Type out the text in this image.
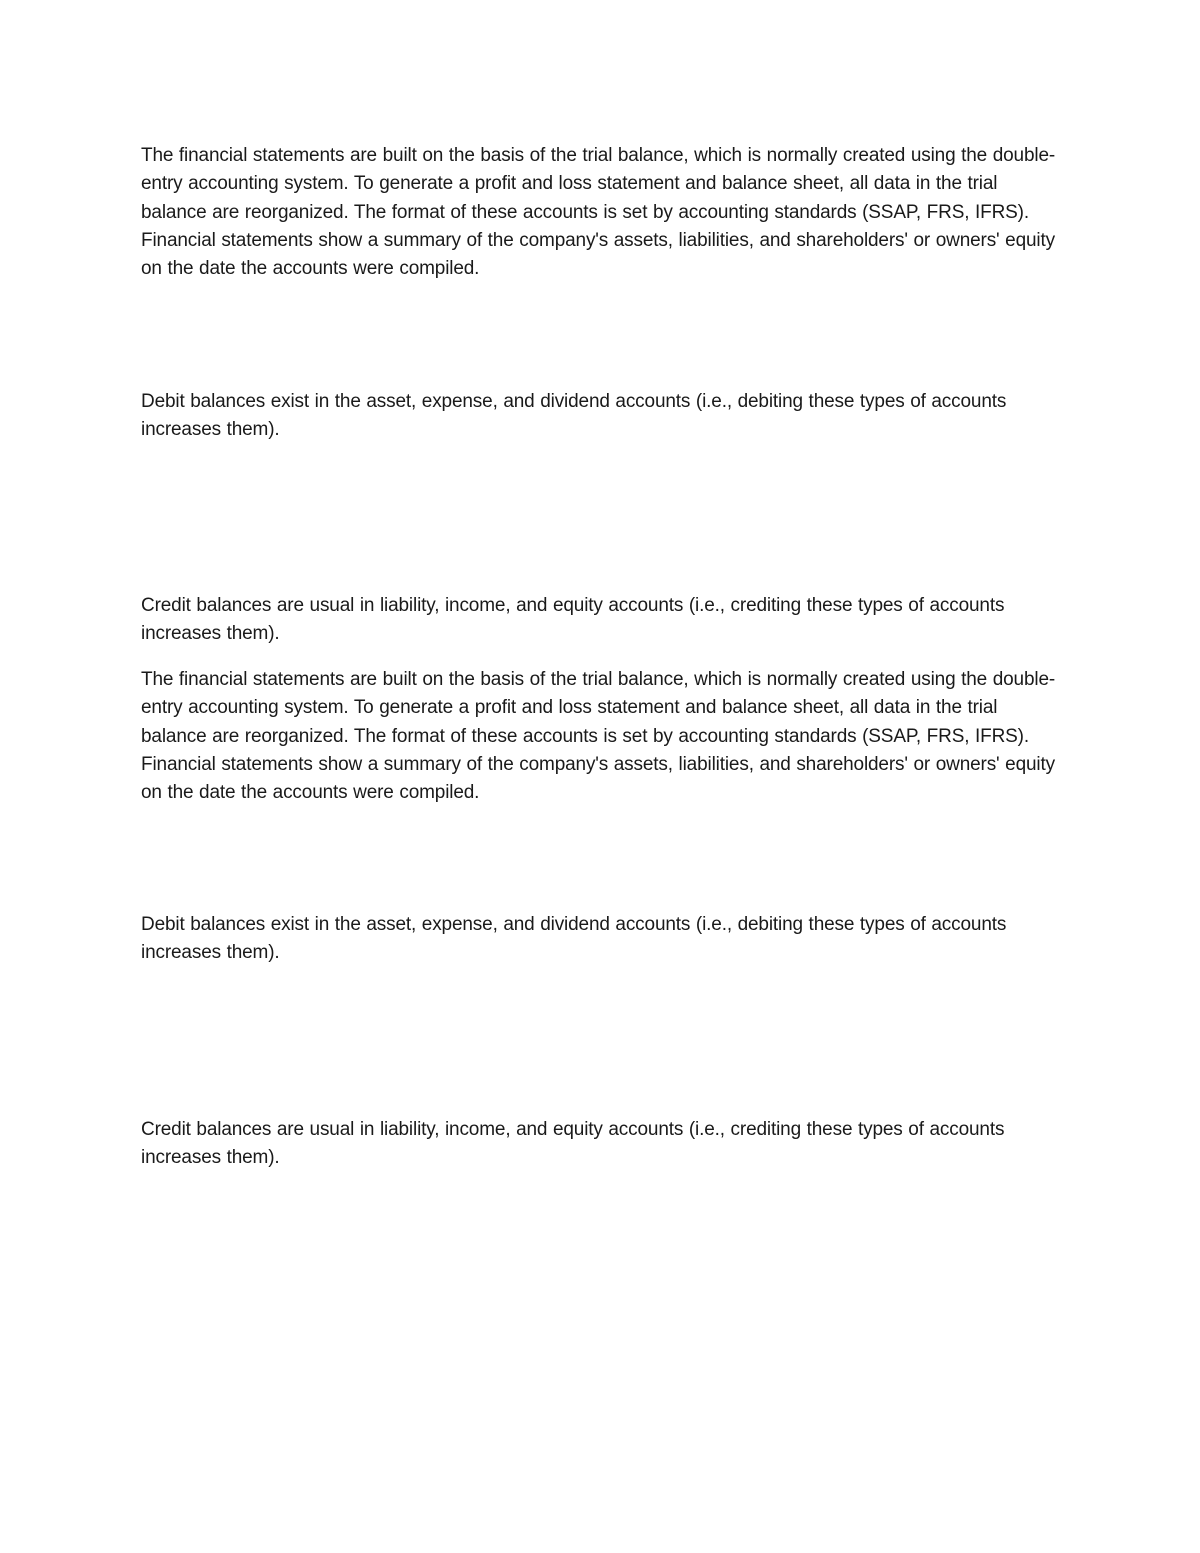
The financial statements are built on the basis of the trial balance, which is normally created using the double-entry accounting system. To generate a profit and loss statement and balance sheet, all data in the trial balance are reorganized. The format of these accounts is set by accounting standards (SSAP, FRS, IFRS). Financial statements show a summary of the company's assets, liabilities, and shareholders' or owners' equity on the date the accounts were compiled.

Debit balances exist in the asset, expense, and dividend accounts (i.e., debiting these types of accounts increases them).

Credit balances are usual in liability, income, and equity accounts (i.e., crediting these types of accounts increases them).

The financial statements are built on the basis of the trial balance, which is normally created using the double-entry accounting system. To generate a profit and loss statement and balance sheet, all data in the trial balance are reorganized. The format of these accounts is set by accounting standards (SSAP, FRS, IFRS). Financial statements show a summary of the company's assets, liabilities, and shareholders' or owners' equity on the date the accounts were compiled.

Debit balances exist in the asset, expense, and dividend accounts (i.e., debiting these types of accounts increases them).

Credit balances are usual in liability, income, and equity accounts (i.e., crediting these types of accounts increases them).
